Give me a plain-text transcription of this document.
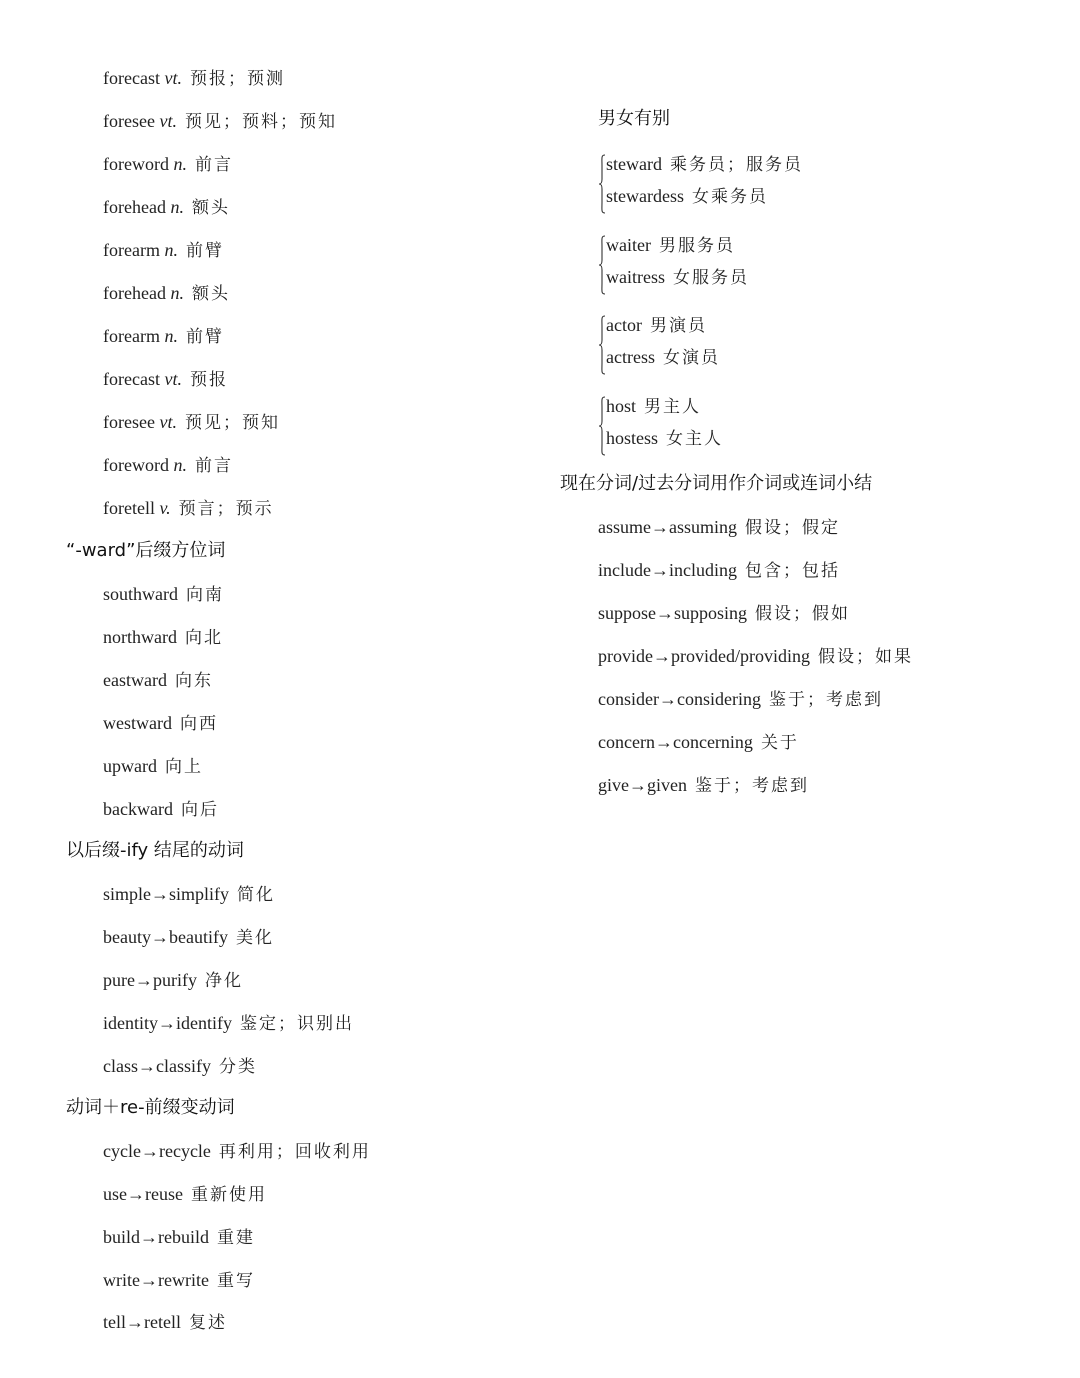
forecast vt. 预报；预测
foresee vt. 预见；预料；预知
foreword n. 前言
forehead n. 额头
forearm n. 前臂
forehead n. 额头
forearm n. 前臂
forecast vt. 预报
foresee vt. 预见；预知
foreword n. 前言
foretell v. 预言；预示
“-ward”后缀方位词
southward 向南
northward 向北
eastward 向东
westward 向西
upward 向上
backward 向后
以后缀-ify 结尾的动词
simple→simplify 简化
beauty→beautify 美化
pure→purify 净化
identity→identify 鉴定；识别出
class→classify 分类
动词＋re-前缀变动词
cycle→recycle 再利用；回收利用
use→reuse 重新使用
build→rebuild 重建
write→rewrite 重写
tell→retell 复述
男女有别
steward 乘务员；服务员
stewardess 女乘务员
waiter 男服务员
waitress 女服务员
actor 男演员
actress 女演员
host 男主人
hostess 女主人
现在分词/过去分词用作介词或连词小结
assume→assuming 假设；假定
include→including 包含；包括
suppose→supposing 假设；假如
provide→provided/providing 假设；如果
consider→considering 鉴于；考虑到
concern→concerning 关于
give→given 鉴于；考虑到
